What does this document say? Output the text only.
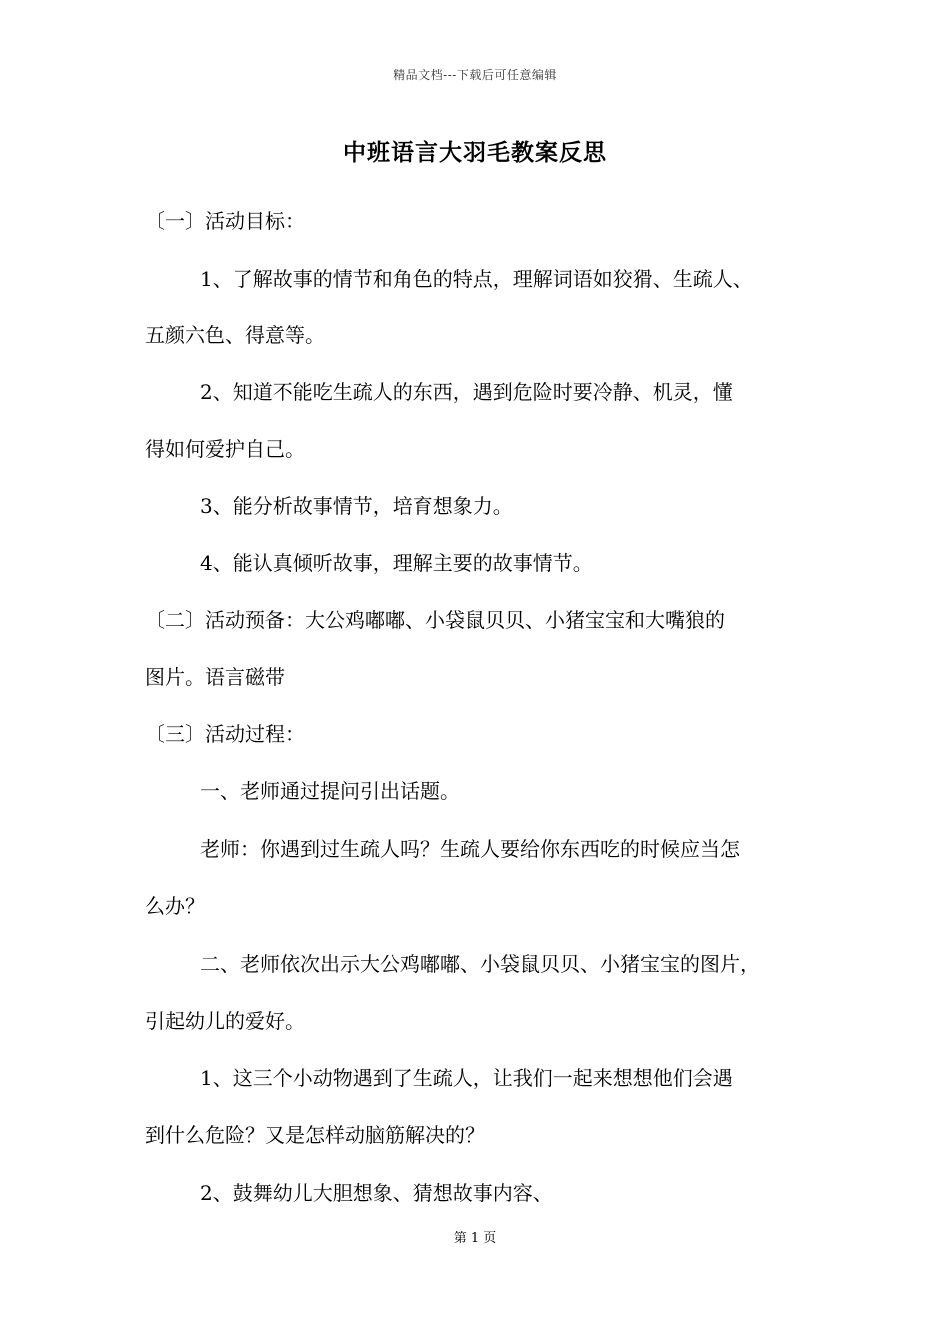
精品文档---下载后可任意编辑
中班语言大羽毛教案反思
〔一〕活动目标：
1、了解故事的情节和角色的特点，理解词语如狡猾、生疏人、
五颜六色、得意等。
2、知道不能吃生疏人的东西，遇到危险时要冷静、机灵，懂
得如何爱护自己。
3、能分析故事情节，培育想象力。
4、能认真倾听故事，理解主要的故事情节。
〔二〕活动预备：大公鸡嘟嘟、小袋鼠贝贝、小猪宝宝和大嘴狼的
图片。语言磁带
〔三〕活动过程：
一、老师通过提问引出话题。
老师：你遇到过生疏人吗？生疏人要给你东西吃的时候应当怎
么办？
二、老师依次出示大公鸡嘟嘟、小袋鼠贝贝、小猪宝宝的图片，
引起幼儿的爱好。
1、这三个小动物遇到了生疏人，让我们一起来想想他们会遇
到什么危险？又是怎样动脑筋解决的？
2、鼓舞幼儿大胆想象、猜想故事内容、
第 1 页
